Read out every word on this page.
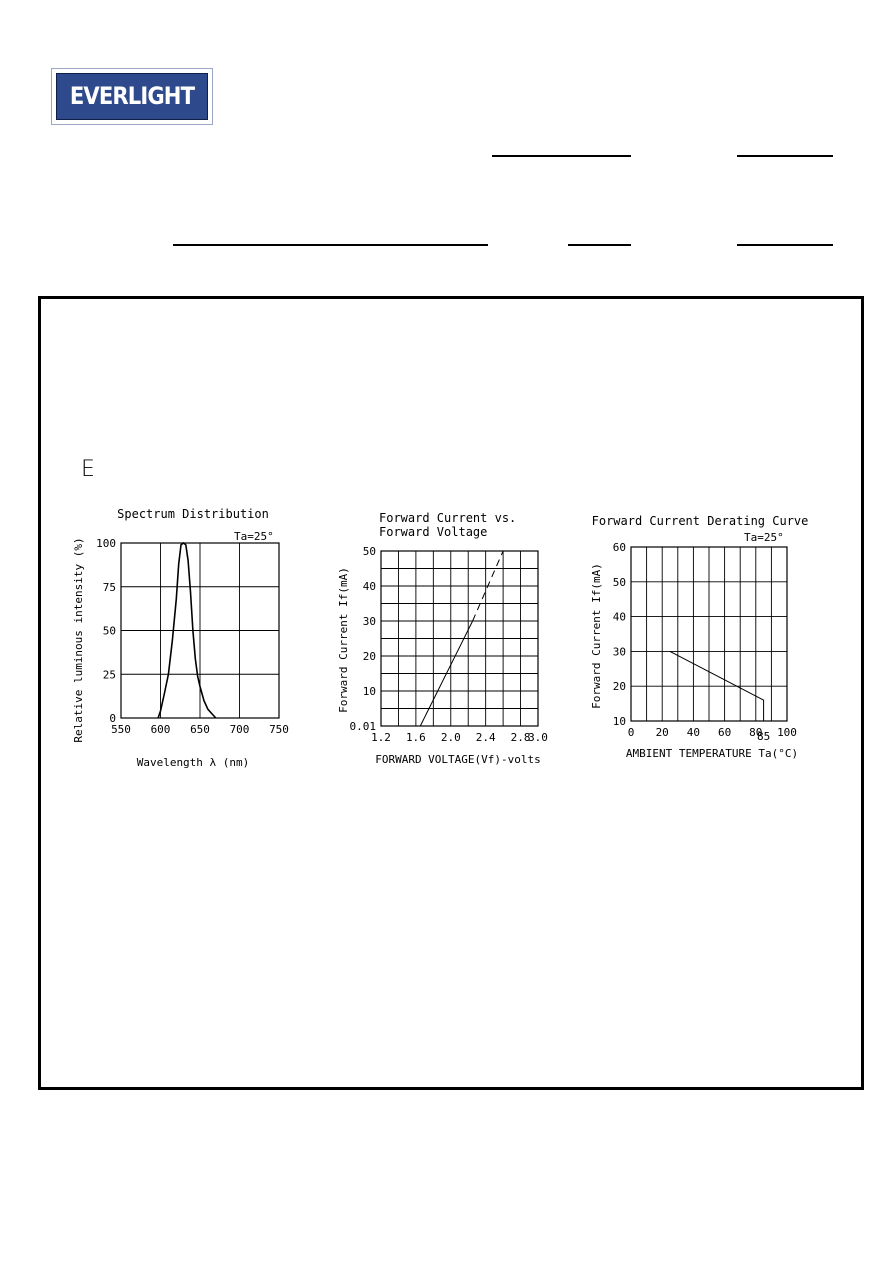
EVERLIGHT
E
Spectrum Distribution
Ta=25°
550 600 650 700 750
0
25
50
75
100
Wavelength λ (nm)
Relative luminous intensity (%)
Forward Current vs.
Forward Voltage
1.2 1.6 2.0 2.4 2.8
3.0
0.01
10
20
30
40
50
FORWARD VOLTAGE(Vf)-volts
Forward Current If(mA)
Forward Current Derating Curve
Ta=25°
0 20 40 60 80 100
10
20
30
40
50
60
85
AMBIENT TEMPERATURE Ta(°C)
Forward Current If(mA)
